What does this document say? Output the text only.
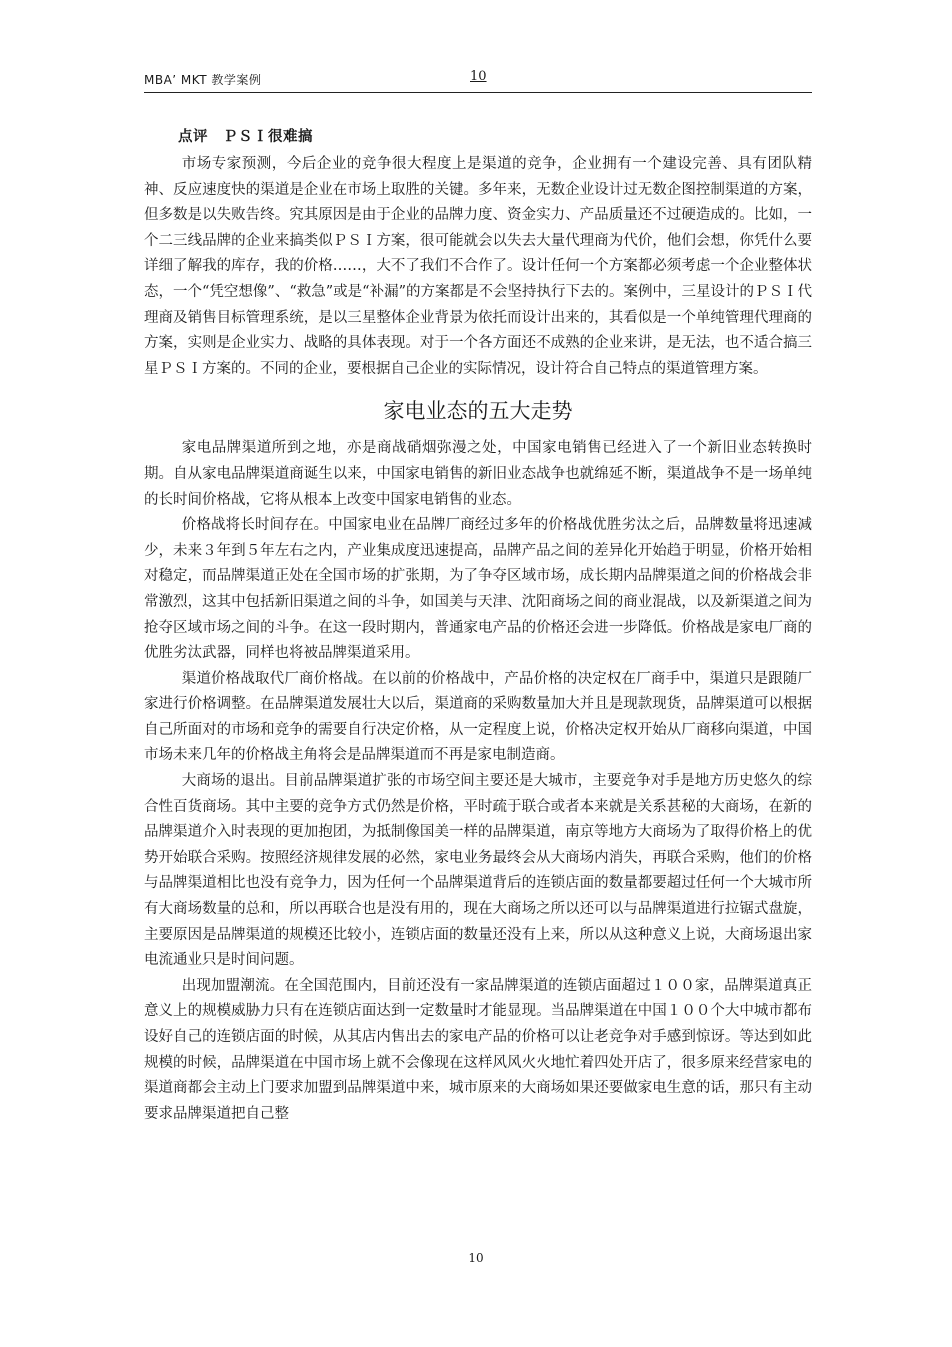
MBA’ MKT 教学案例	10
点评　ＰＳＩ很难搞

市场专家预测，今后企业的竞争很大程度上是渠道的竞争，企业拥有一个建设完善、具有团队精神、反应速度快的渠道是企业在市场上取胜的关键。多年来，无数企业设计过无数企图控制渠道的方案，但多数是以失败告终。究其原因是由于企业的品牌力度、资金实力、产品质量还不过硬造成的。比如，一个二三线品牌的企业来搞类似ＰＳＩ方案，很可能就会以失去大量代理商为代价，他们会想，你凭什么要详细了解我的库存，我的价格……，大不了我们不合作了。设计任何一个方案都必须考虑一个企业整体状态，一个“凭空想像”、“救急”或是“补漏”的方案都是不会坚持执行下去的。案例中，三星设计的ＰＳＩ代理商及销售目标管理系统，是以三星整体企业背景为依托而设计出来的，其看似是一个单纯管理代理商的方案，实则是企业实力、战略的具体表现。对于一个各方面还不成熟的企业来讲，是无法，也不适合搞三星ＰＳＩ方案的。不同的企业，要根据自己企业的实际情况，设计符合自己特点的渠道管理方案。

家电业态的五大走势

家电品牌渠道所到之地，亦是商战硝烟弥漫之处，中国家电销售已经进入了一个新旧业态转换时期。自从家电品牌渠道商诞生以来，中国家电销售的新旧业态战争也就绵延不断，渠道战争不是一场单纯的长时间价格战，它将从根本上改变中国家电销售的业态。

价格战将长时间存在。中国家电业在品牌厂商经过多年的价格战优胜劣汰之后，品牌数量将迅速减少，未来３年到５年左右之内，产业集成度迅速提高，品牌产品之间的差异化开始趋于明显，价格开始相对稳定，而品牌渠道正处在全国市场的扩张期，为了争夺区域市场，成长期内品牌渠道之间的价格战会非常激烈，这其中包括新旧渠道之间的斗争，如国美与天津、沈阳商场之间的商业混战，以及新渠道之间为抢夺区域市场之间的斗争。在这一段时期内，普通家电产品的价格还会进一步降低。价格战是家电厂商的优胜劣汰武器，同样也将被品牌渠道采用。

渠道价格战取代厂商价格战。在以前的价格战中，产品价格的决定权在厂商手中，渠道只是跟随厂家进行价格调整。在品牌渠道发展壮大以后，渠道商的采购数量加大并且是现款现货，品牌渠道可以根据自己所面对的市场和竞争的需要自行决定价格，从一定程度上说，价格决定权开始从厂商移向渠道，中国市场未来几年的价格战主角将会是品牌渠道而不再是家电制造商。

大商场的退出。目前品牌渠道扩张的市场空间主要还是大城市，主要竞争对手是地方历史悠久的综合性百货商场。其中主要的竞争方式仍然是价格，平时疏于联合或者本来就是关系甚秘的大商场，在新的品牌渠道介入时表现的更加抱团，为抵制像国美一样的品牌渠道，南京等地方大商场为了取得价格上的优势开始联合采购。按照经济规律发展的必然，家电业务最终会从大商场内消失，再联合采购，他们的价格与品牌渠道相比也没有竞争力，因为任何一个品牌渠道背后的连锁店面的数量都要超过任何一个大城市所有大商场数量的总和，所以再联合也是没有用的，现在大商场之所以还可以与品牌渠道进行拉锯式盘旋，主要原因是品牌渠道的规模还比较小，连锁店面的数量还没有上来，所以从这种意义上说，大商场退出家电流通业只是时间问题。

出现加盟潮流。在全国范围内，目前还没有一家品牌渠道的连锁店面超过１００家，品牌渠道真正意义上的规模威胁力只有在连锁店面达到一定数量时才能显现。当品牌渠道在中国１００个大中城市都布设好自己的连锁店面的时候，从其店内售出去的家电产品的价格可以让老竞争对手感到惊讶。等达到如此规模的时候，品牌渠道在中国市场上就不会像现在这样风风火火地忙着四处开店了，很多原来经营家电的渠道商都会主动上门要求加盟到品牌渠道中来，城市原来的大商场如果还要做家电生意的话，那只有主动要求品牌渠道把自己整

10
